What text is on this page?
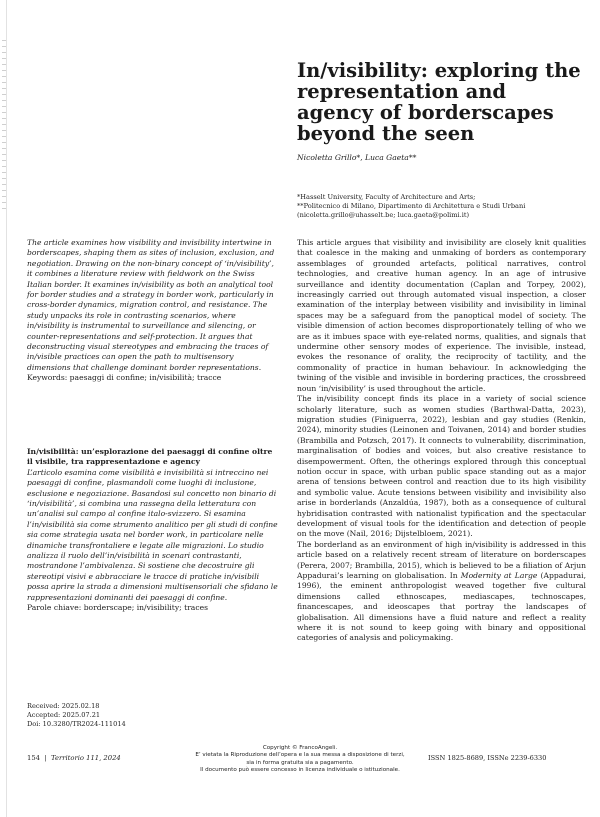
In/visibility: exploring the representation and agency of borderscapes beyond the seen
Nicoletta Grillo*, Luca Gaeta**
*Hasselt University, Faculty of Architecture and Arts;
**Politecnico di Milano, Dipartimento di Architettura e Studi Urbani
(nicoletta.grillo@uhasselt.be; luca.gaeta@polimi.it)
The article examines how visibility and invisibility intertwine in borderscapes, shaping them as sites of inclusion, exclusion, and negotiation. Drawing on the non-binary concept of ‘in/visibility’, it combines a literature review with fieldwork on the Swiss Italian border. It examines in/visibility as both an analytical tool for border studies and a strategy in border work, particularly in cross-border dynamics, migration control, and resistance. The study unpacks its role in contrasting scenarios, where in/visibility is instrumental to surveillance and silencing, or counter-representations and self-protection. It argues that deconstructing visual stereotypes and embracing the traces of in/visible practices can open the path to multisensory dimensions that challenge dominant border representations.
Keywords: paesaggi di confine; in/visibilità; tracce
In/visibilità: un’esplorazione dei paesaggi di confine oltre il visibile, tra rappresentazione e agency
L’articolo esamina come visibilità e invisibilità si intreccino nei paesaggi di confine, plasmandoli come luoghi di inclusione, esclusione e negoziazione. Basandosi sul concetto non binario di ‘in/visibilità’, si combina una rassegna della letteratura con un’analisi sul campo al confine italo-svizzero. Si esamina l’in/visibilità sia come strumento analitico per gli studi di confine sia come strategia usata nel border work, in particolare nelle dinamiche transfrontaliere e legate alle migrazioni. Lo studio analizza il ruolo dell’in/visibilità in scenari contrastanti, mostrandone l’ambivalenza. Si sostiene che decostruire gli stereotipi visivi e abbracciare le tracce di pratiche in/visibili possa aprire la strada a dimensioni multisensoriali che sfidano le rappresentazioni dominanti dei paesaggi di confine.
Parole chiave: borderscape; in/visibility; traces
Received: 2025.02.18
Accepted: 2025.07.21
Doi: 10.3280/TR2024-111014

This article argues that visibility and invisibility are closely knit qualities that coalesce in the making and unmaking of borders as contemporary assemblages of grounded artefacts, political narratives, control technologies, and creative human agency. In an age of intrusive surveillance and identity documentation (Caplan and Torpey, 2002), increasingly carried out through automated visual inspection, a closer examination of the interplay between visibility and invisibility in liminal spaces may be a safeguard from the panoptical model of society. The visible dimension of action becomes disproportionately telling of who we are as it imbues space with eye-related norms, qualities, and signals that undermine other sensory modes of experience. The invisible, instead, evokes the resonance of orality, the reciprocity of tactility, and the commonality of practice in human behaviour. In acknowledging the twining of the visible and invisible in bordering practices, the crossbreed noun ‘in/visibility’ is used throughout the article.

The in/visibility concept finds its place in a variety of social science scholarly literature, such as women studies (Barthwal-Datta, 2023), migration studies (Finiguerra, 2022), lesbian and gay studies (Renkin, 2024), minority studies (Leinonen and Toivanen, 2014) and border studies (Brambilla and Potzsch, 2017). It connects to vulnerability, discrimination, marginalisation of bodies and voices, but also creative resistance to disempowerment. Often, the otherings explored through this conceptual notion occur in space, with urban public space standing out as a major arena of tensions between control and reaction due to its high visibility and symbolic value. Acute tensions between visibility and invisibility also arise in borderlands (Anzaldúa, 1987), both as a consequence of cultural hybridisation contrasted with nationalist typification and the spectacular development of visual tools for the identification and detection of people on the move (Nail, 2016; Dijstelbloem, 2021).

The borderland as an environment of high in/visibility is addressed in this article based on a relatively recent stream of literature on borderscapes (Perera, 2007; Brambilla, 2015), which is believed to be a filiation of Arjun Appadurai’s learning on globalisation. In Modernity at Large (Appadurai, 1996), the eminent anthropologist weaved together five cultural dimensions called ethnoscapes, mediascapes, technoscapes, financescapes, and ideoscapes that portray the landscapes of globalisation. All dimensions have a fluid nature and reflect a reality where it is not sound to keep going with binary and oppositional categories of analysis and policymaking.

154 | Territorio 111, 2024
Copyright © FrancoAngeli.
E’ vietata la Riproduzione dell’opera e la sua messa a disposizione di terzi,
sia in forma gratuita sia a pagamento.
Il documento può essere concesso in licenza individuale o istituzionale.
ISSN 1825-8689, ISSNe 2239-6330
